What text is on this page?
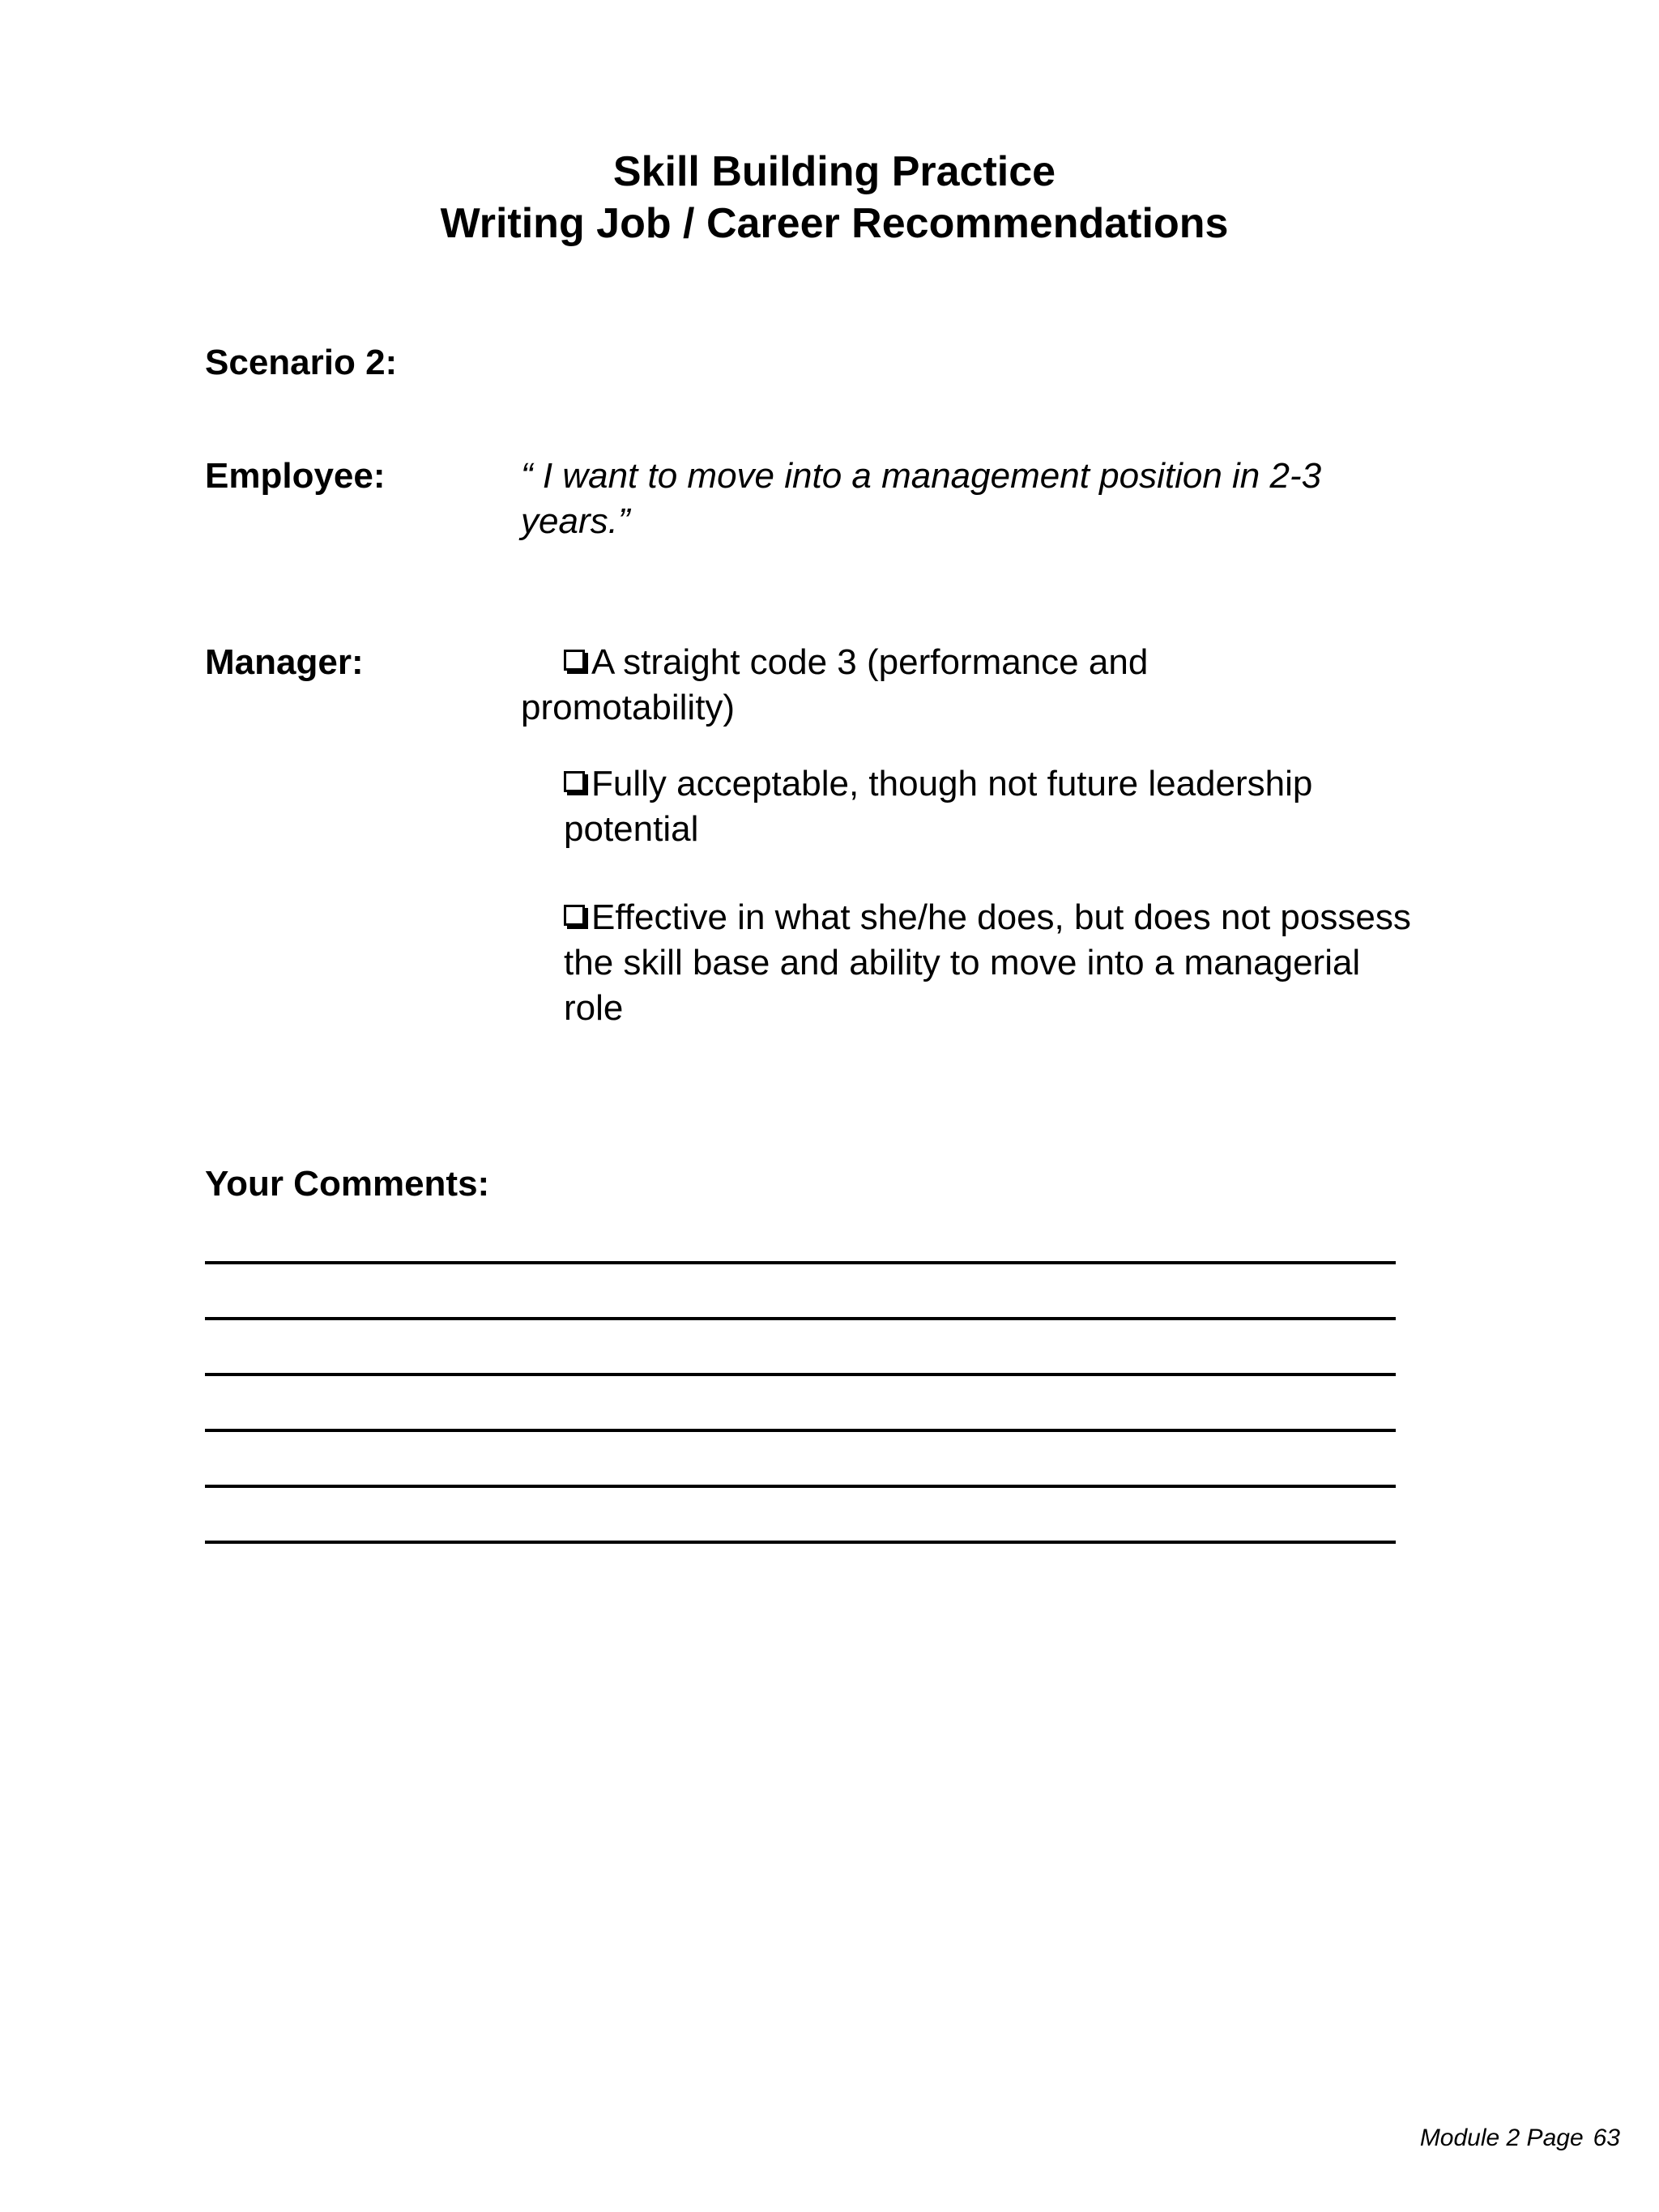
Skill Building Practice
Writing Job / Career Recommendations
Scenario 2:
Employee:	“ I want to move into a management position in 2-3 years.”
Manager:	A straight code 3 (performance and promotability)
Fully acceptable, though not future leadership potential
Effective in what she/he does, but does not possess the skill base and ability to move into a managerial role
Your Comments:
Module 2 Page 63
